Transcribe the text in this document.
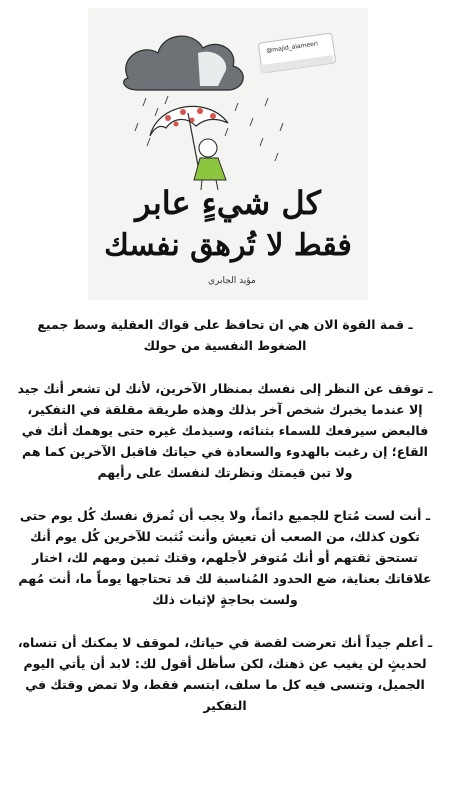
@majid_alameeri
كل شيءٍ عابر
فقط لا تُرهق نفسك
مؤيد الجابري

ـ قمة القوة الان هي ان تحافظ على قواك العقلية وسط جميع الضغوط النفسية من حولك

ـ توقف عن النظر إلى نفسك بمنظار الآخرين، لأنك لن تشعر أنك جيد إلا عندما يخبرك شخص آخر بذلك وهذه طريقة مقلقة في التفكير، فالبعض سيرفعك للسماء بثنائه، وسيذمك غيره حتى يوهمك أنك في القاع؛ إن رغبت بالهدوء والسعادة في حياتك فاقبل الآخرين كما هم ولا تبن قيمتك ونظرتك لنفسك على رأيهم

ـ أنت لست مُتاح للجميع دائماً، ولا يجب أن تُمزق نفسك كُل يوم حتى تكون كذلك، من الصعب أن تعيش وأنت تُثبت للآخرين كُل يوم أنك تستحق ثقتهم أو أنك مُتوفر لأجلهم، وقتك ثمين ومهم لك، اختار علاقاتك بعناية، ضع الحدود المُناسبة لك قد تحتاجها يوماً ما، أنت مُهم ولست بحاجةٍ لإثبات ذلك

ـ أعلم جيداً أنك تعرضت لقصة في حياتك، لموقف لا يمكنك أن تنساه، لحديثٍ لن يغيب عن ذهنك، لكن سأظل أقول لك: لابد أن يأتي اليوم الجميل، وتنسى فيه كل ما سلف، ابتسم فقط، ولا تمض وقتك في التفكير
